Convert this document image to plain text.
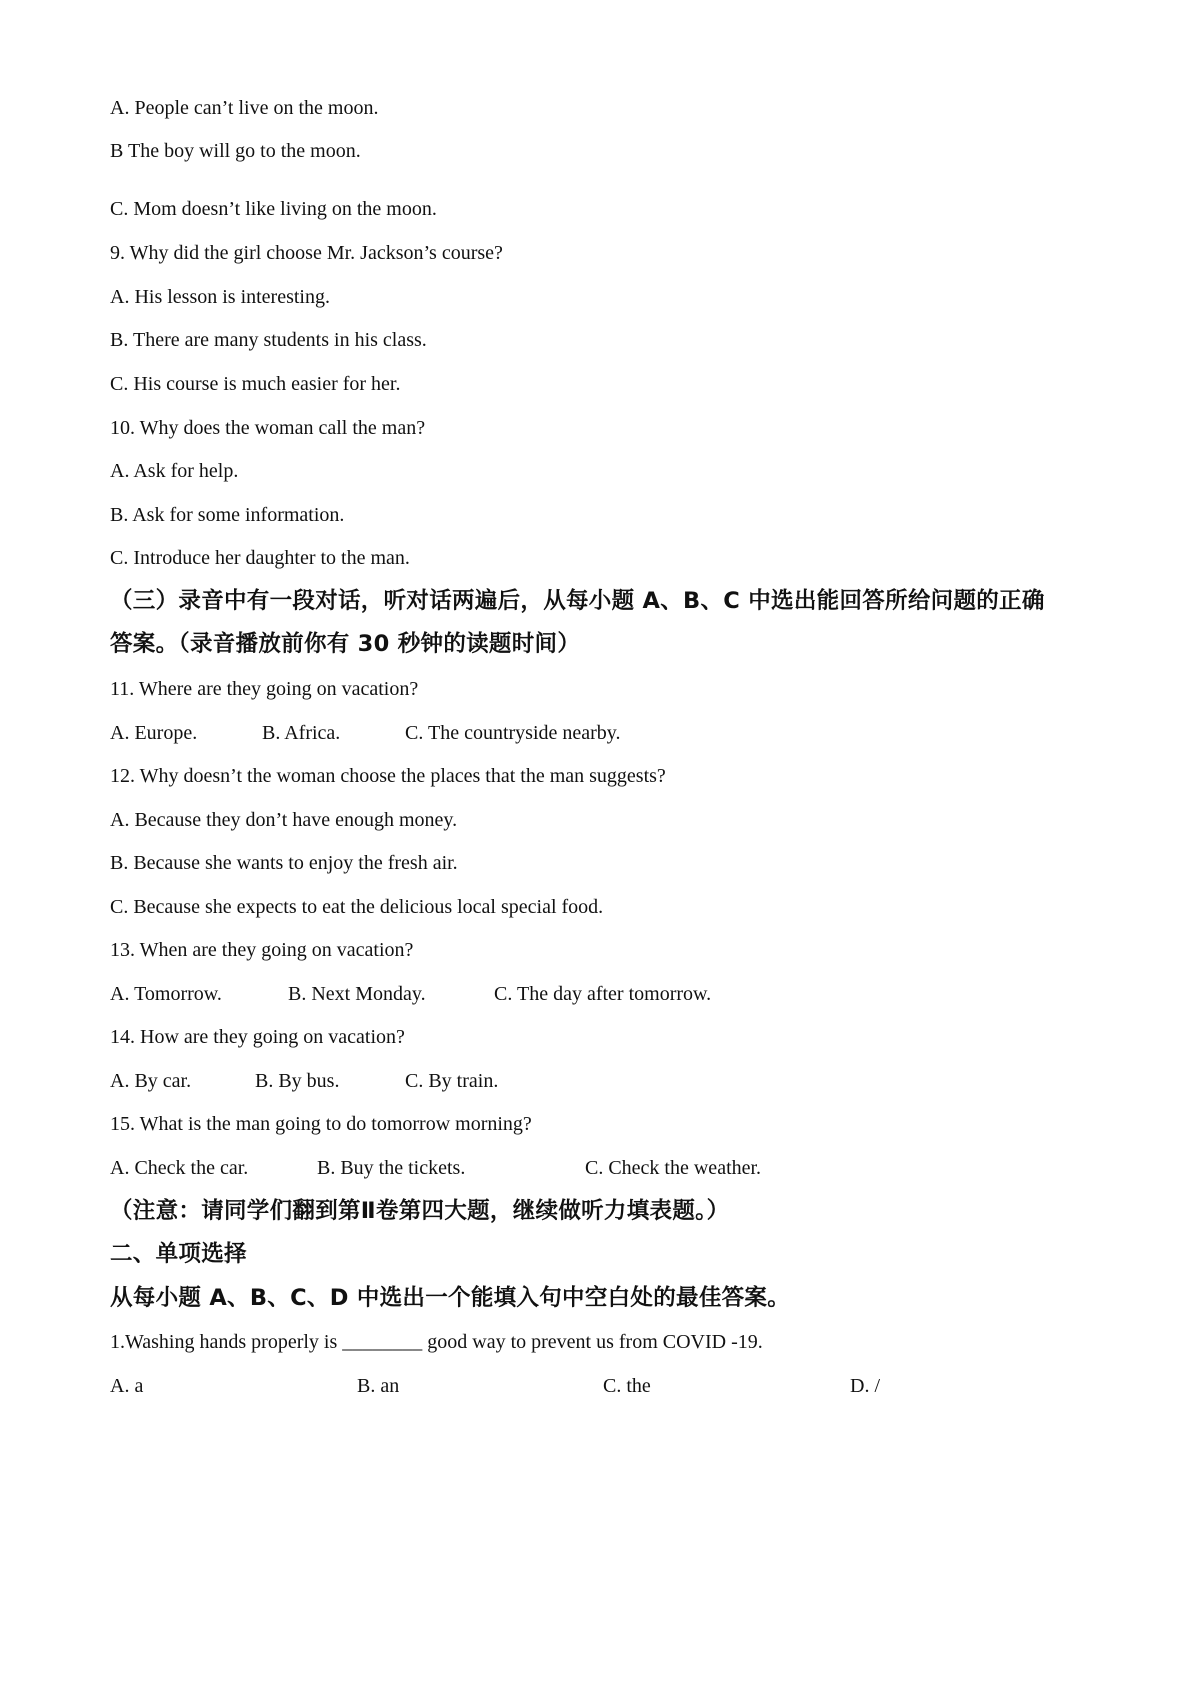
A. People can’t live on the moon.
B The boy will go to the moon.
C. Mom doesn’t like living on the moon.
9. Why did the girl choose Mr. Jackson’s course?
A. His lesson is interesting.
B. There are many students in his class.
C. His course is much easier for her.
10. Why does the woman call the man?
A. Ask for help.
B. Ask for some information.
C. Introduce her daughter to the man.
（三）录音中有一段对话，听对话两遍后，从每小题 A、B、C 中选出能回答所给问题的正确
答案。（录音播放前你有 30 秒钟的读题时间）
11. Where are they going on vacation?
A. Europe.	B. Africa.	C. The countryside nearby.
12. Why doesn’t the woman choose the places that the man suggests?
A. Because they don’t have enough money.
B. Because she wants to enjoy the fresh air.
C. Because she expects to eat the delicious local special food.
13. When are they going on vacation?
A. Tomorrow.	B. Next Monday.	C. The day after tomorrow.
14. How are they going on vacation?
A. By car.	B. By bus.	C. By train.
15. What is the man going to do tomorrow morning?
A. Check the car.	B. Buy the tickets.	C. Check the weather.
（注意：请同学们翻到第Ⅱ卷第四大题，继续做听力填表题。）
二、单项选择
从每小题 A、B、C、D 中选出一个能填入句中空白处的最佳答案。
1.Washing hands properly is ________ good way to prevent us from COVID -19.
A. a	B. an	C. the	D. /
